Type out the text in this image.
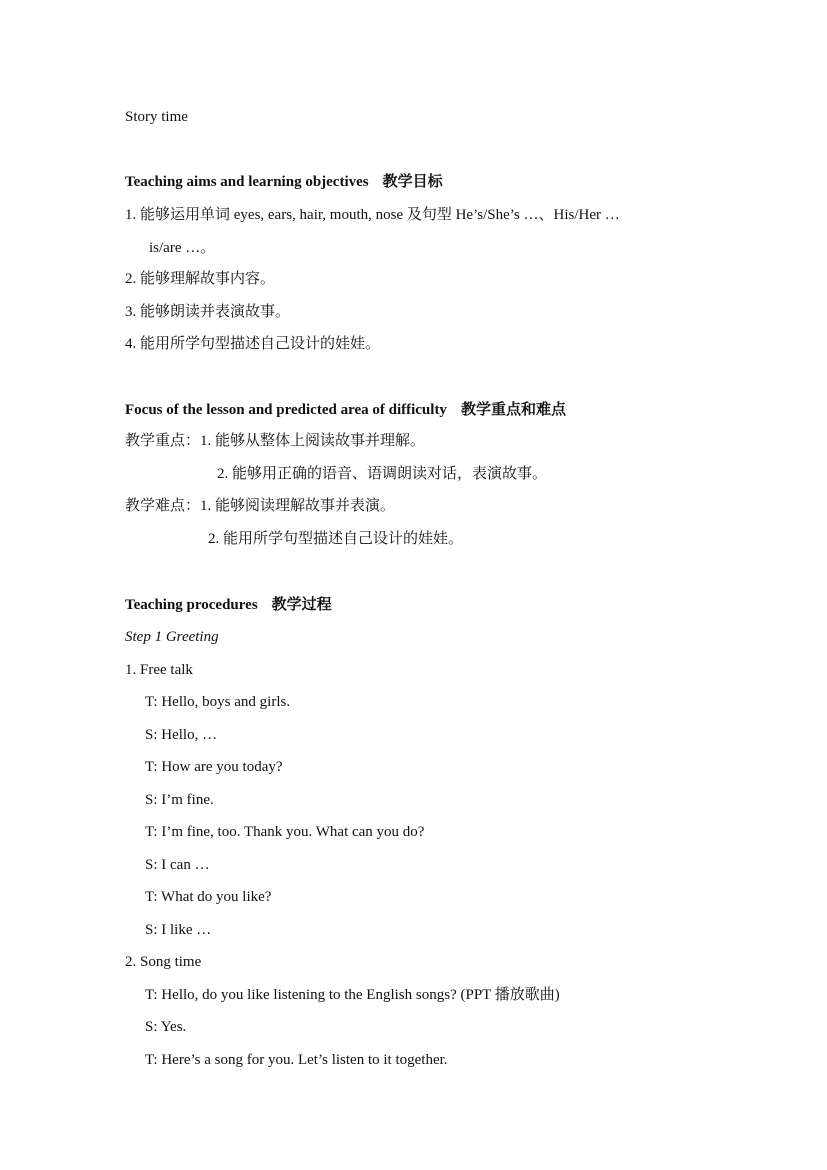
Story time
Teaching aims and learning objectives 教学目标
1. 能够运用单词 eyes, ears, hair, mouth, nose 及句型 He’s/She’s …、His/Her …
is/are …。
2. 能够理解故事内容。
3. 能够朗读并表演故事。
4. 能用所学句型描述自己设计的娃娃。
Focus of the lesson and predicted area of difficulty 教学重点和难点
教学重点：1. 能够从整体上阅读故事并理解。
2. 能够用正确的语音、语调朗读对话，表演故事。
教学难点：1. 能够阅读理解故事并表演。
2. 能用所学句型描述自己设计的娃娃。
Teaching procedures 教学过程
Step 1 Greeting
1. Free talk
T: Hello, boys and girls.
S: Hello, …
T: How are you today?
S: I’m fine.
T: I’m fine, too. Thank you. What can you do?
S: I can …
T: What do you like?
S: I like …
2. Song time
T: Hello, do you like listening to the English songs? (PPT 播放歌曲)
S: Yes.
T: Here’s a song for you. Let’s listen to it together.
